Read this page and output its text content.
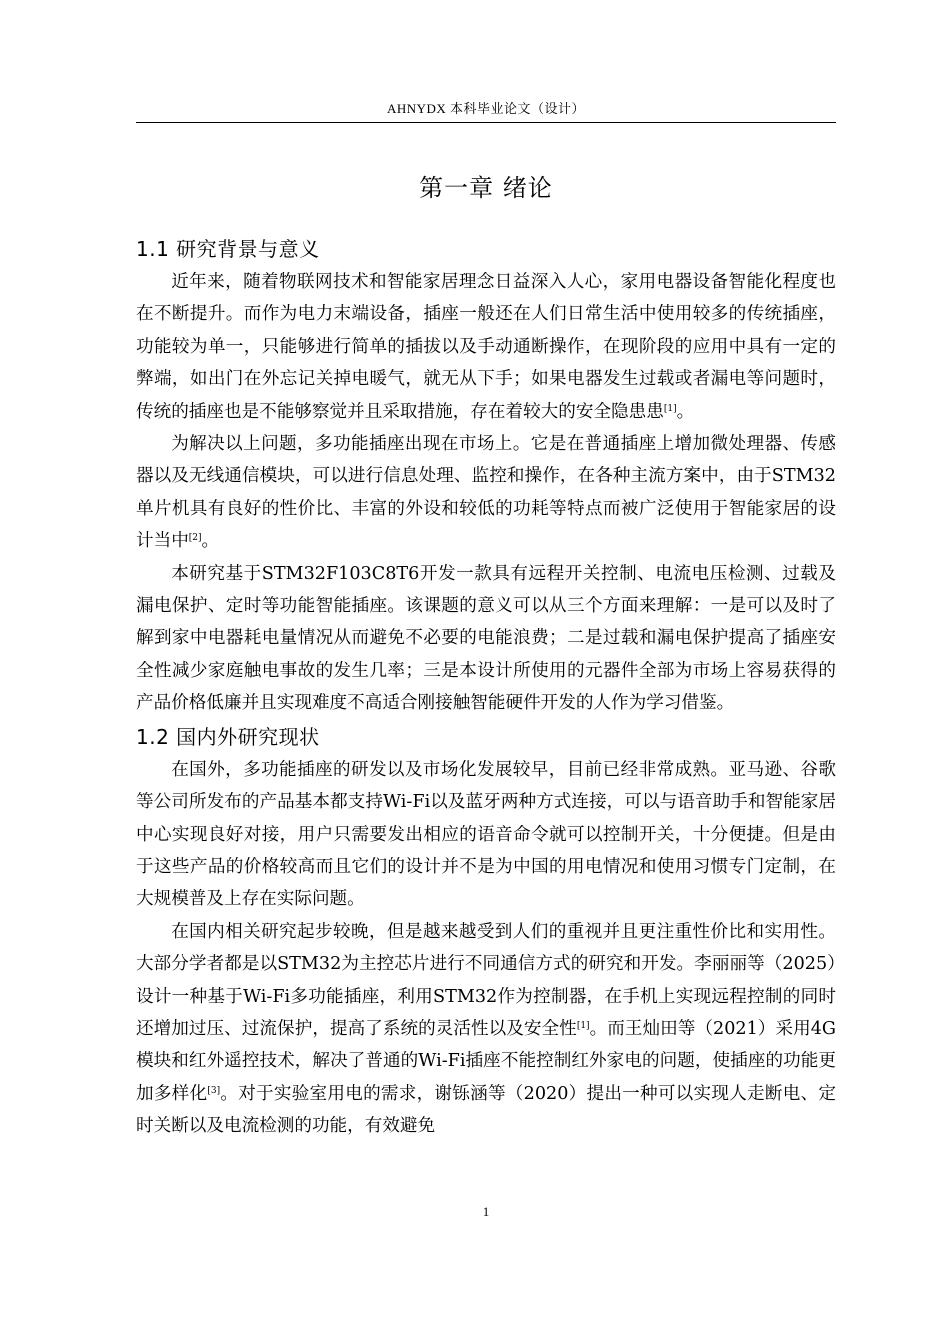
AHNYDX 本科毕业论文（设计）
第一章 绪论
1.1 研究背景与意义

近年来，随着物联网技术和智能家居理念日益深入人心，家用电器设备智能化程度也在不断提升。而作为电力末端设备，插座一般还在人们日常生活中使用较多的传统插座，功能较为单一，只能够进行简单的插拔以及手动通断操作，在现阶段的应用中具有一定的弊端，如出门在外忘记关掉电暖气，就无从下手；如果电器发生过载或者漏电等问题时，传统的插座也是不能够察觉并且采取措施，存在着较大的安全隐患患[1]。

为解决以上问题，多功能插座出现在市场上。它是在普通插座上增加微处理器、传感器以及无线通信模块，可以进行信息处理、监控和操作，在各种主流方案中，由于STM32单片机具有良好的性价比、丰富的外设和较低的功耗等特点而被广泛使用于智能家居的设计当中[2]。

本研究基于STM32F103C8T6开发一款具有远程开关控制、电流电压检测、过载及漏电保护、定时等功能智能插座。该课题的意义可以从三个方面来理解：一是可以及时了解到家中电器耗电量情况从而避免不必要的电能浪费；二是过载和漏电保护提高了插座安全性减少家庭触电事故的发生几率；三是本设计所使用的元器件全部为市场上容易获得的产品价格低廉并且实现难度不高适合刚接触智能硬件开发的人作为学习借鉴。

1.2 国内外研究现状

在国外，多功能插座的研发以及市场化发展较早，目前已经非常成熟。亚马逊、谷歌等公司所发布的产品基本都支持Wi-Fi以及蓝牙两种方式连接，可以与语音助手和智能家居中心实现良好对接，用户只需要发出相应的语音命令就可以控制开关，十分便捷。但是由于这些产品的价格较高而且它们的设计并不是为中国的用电情况和使用习惯专门定制，在大规模普及上存在实际问题。

在国内相关研究起步较晚，但是越来越受到人们的重视并且更注重性价比和实用性。大部分学者都是以STM32为主控芯片进行不同通信方式的研究和开发。李丽丽等（2025）设计一种基于Wi-Fi多功能插座，利用STM32作为控制器，在手机上实现远程控制的同时还增加过压、过流保护，提高了系统的灵活性以及安全性[1]。而王灿田等（2021）采用4G模块和红外遥控技术，解决了普通的Wi-Fi插座不能控制红外家电的问题，使插座的功能更加多样化[3]。对于实验室用电的需求，谢铄涵等（2020）提出一种可以实现人走断电、定时关断以及电流检测的功能，有效避免

1
